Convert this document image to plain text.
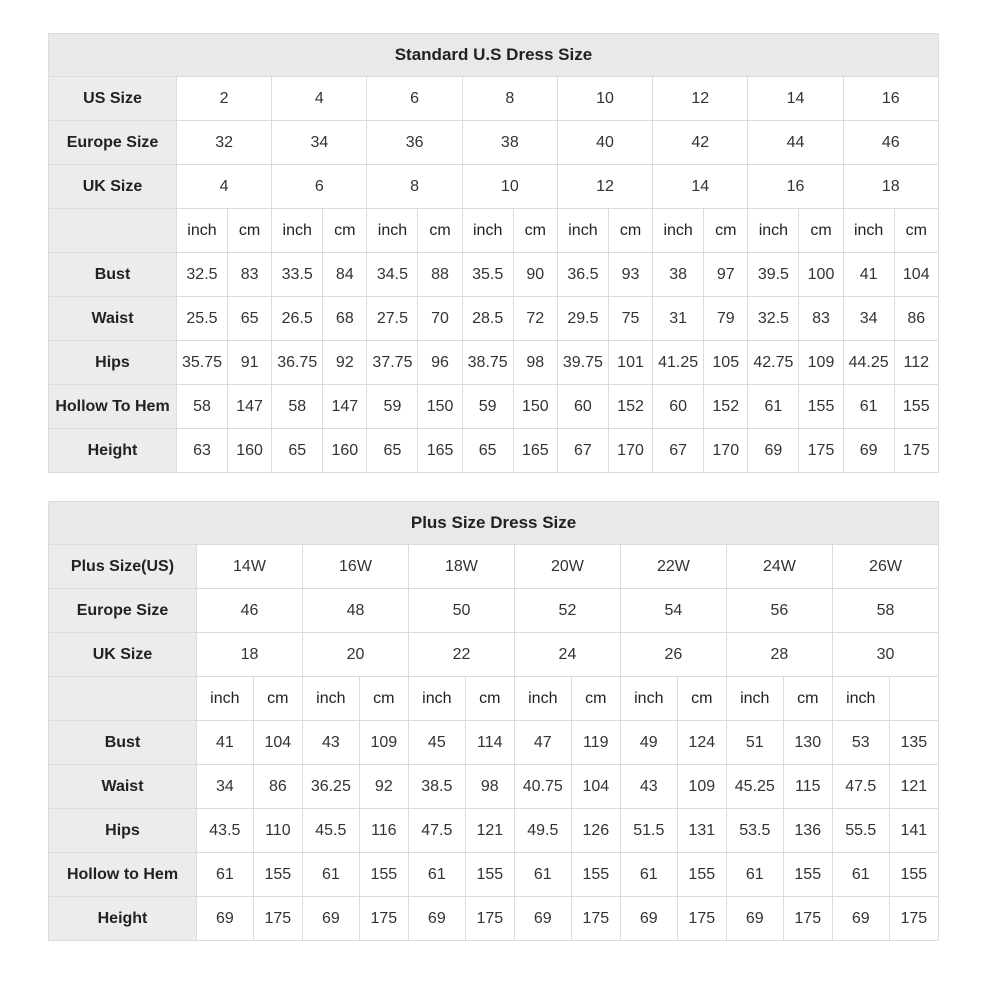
Standard U.S Dress Size																
US Size	2		4		6		8		10		12		14		16	
Europe Size	32		34		36		38		40		42		44		46	
UK Size	4		6		8		10		12		14		16		18	
	inch	cm	inch	cm	inch	cm	inch	cm	inch	cm	inch	cm	inch	cm	inch	cm
Bust	32.5	83	33.5	84	34.5	88	35.5	90	36.5	93	38	97	39.5	100	41	104
Waist	25.5	65	26.5	68	27.5	70	28.5	72	29.5	75	31	79	32.5	83	34	86
Hips	35.75	91	36.75	92	37.75	96	38.75	98	39.75	101	41.25	105	42.75	109	44.25	112
Hollow To Hem	58	147	58	147	59	150	59	150	60	152	60	152	61	155	61	155
Height	63	160	65	160	65	165	65	165	67	170	67	170	69	175	69	175
Plus Size Dress Size														
Plus Size(US)	14W		16W		18W		20W		22W		24W		26W	
Europe Size	46		48		50		52		54		56		58	
UK Size	18		20		22		24		26		28		30	
	inch	cm	inch	cm	inch	cm	inch	cm	inch	cm	inch	cm	inch	
Bust	41	104	43	109	45	114	47	119	49	124	51	130	53	135
Waist	34	86	36.25	92	38.5	98	40.75	104	43	109	45.25	115	47.5	121
Hips	43.5	110	45.5	116	47.5	121	49.5	126	51.5	131	53.5	136	55.5	141
Hollow to Hem	61	155	61	155	61	155	61	155	61	155	61	155	61	155
Height	69	175	69	175	69	175	69	175	69	175	69	175	69	175
